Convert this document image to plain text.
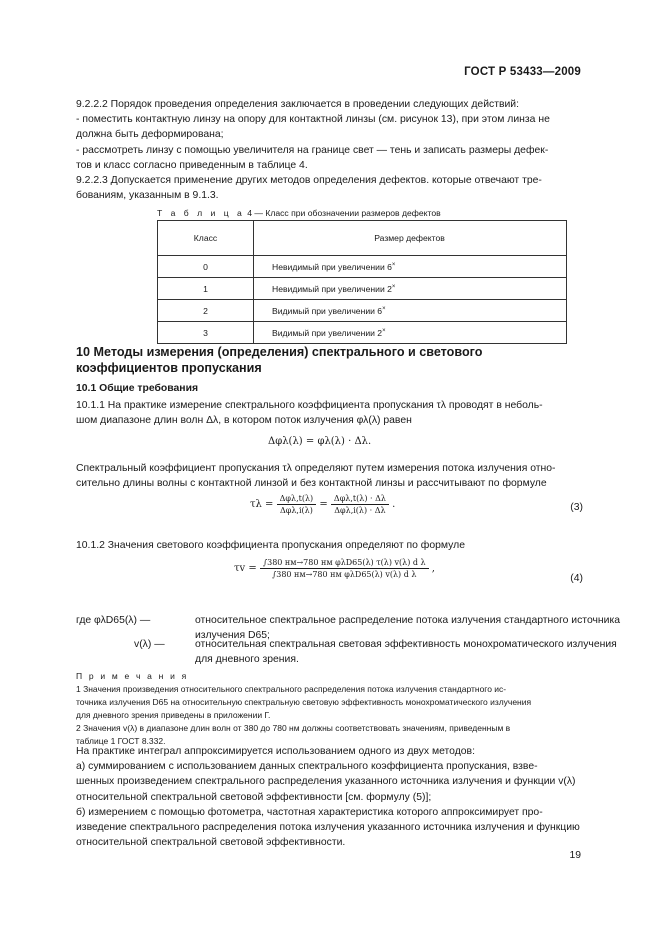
ГОСТ Р 53433—2009
9.2.2.2 Порядок проведения определения заключается в проведении следующих действий:
- поместить контактную линзу на опору для контактной линзы (см. рисунок 13), при этом линза не
должна быть деформирована;
- рассмотреть линзу с помощью увеличителя на границе свет — тень и записать размеры дефек-
тов и класс согласно приведенным в таблице 4.
9.2.2.3 Допускается применение других методов определения дефектов. которые отвечают тре-
бованиям, указанным в 9.1.3.
Т а б л и ц а 4 — Класс при обозначении размеров дефектов
Класс	Размер дефектов
0	Невидимый при увеличении 6×
1	Невидимый при увеличении 2×
2	Видимый при увеличении 6×
3	Видимый при увеличении 2×
10 Методы измерения (определения) спектрального и светового
коэффициентов пропускания
10.1 Общие требования
10.1.1 На практике измерение спектрального коэффициента пропускания τλ проводят в неболь-
шом диапазоне длин волн Δλ, в котором поток излучения φλ(λ) равен
Δφλ(λ) = φλ(λ) · Δλ.
Спектральный коэффициент пропускания τλ определяют путем измерения потока излучения отно-
сительно длины волны с контактной линзой и без контактной линзы и рассчитывают по формуле
$\tau\lambda = \frac{\text{Δφλ,t(λ)}}{\text{Δφλ,i(λ)}} = \frac{\text{Δφλ,t(λ) · Δλ}}{\text{Δφλ,i(λ) · Δλ}}$ .	(3)
10.1.2 Значения светового коэффициента пропускания определяют по формуле
$\tau v = \frac{\text{∫380 нм→780 нм φλD65(λ) τ(λ) v(λ) d λ}}{\text{∫380 нм→780 нм φλD65(λ) v(λ) d λ}}$ ,
(4)
где φλD65(λ) —	относительное спектральное распределение потока излучения стандартного источника
излучения D65;
v(λ) —	относительная спектральная световая эффективность монохроматического излучения
для дневного зрения.
П р и м е ч а н и я
1 Значения произведения относительного спектрального распределения потока излучения стандартного ис-
точника излучения D65 на относительную спектральную световую эффективность монохроматического излучения
для дневного зрения приведены в приложении Г.
2 Значения v(λ) в диапазоне длин волн от 380 до 780 нм должны соответствовать значениям, приведенным в
таблице 1 ГОСТ 8.332.
На практике интеграл аппроксимируется использованием одного из двух методов:
а) суммированием с использованием данных спектрального коэффициента пропускания, взве-
шенных произведением спектрального распределения указанного источника излучения и функции v(λ)
относительной спектральной световой эффективности [см. формулу (5)];
б) измерением с помощью фотометра, частотная характеристика которого аппроксимирует про-
изведение спектрального распределения потока излучения указанного источника излучения и функцию
относительной спектральной световой эффективности.
19
